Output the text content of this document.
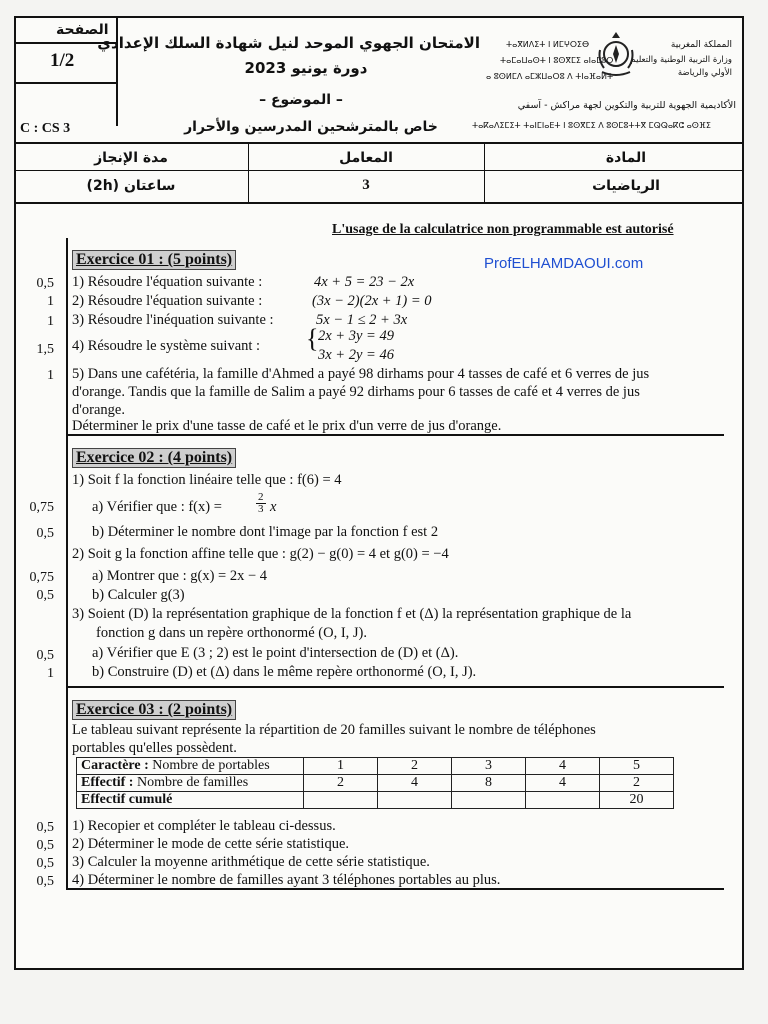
الصفحة
1/2
الامتحان الجهوي الموحد لنيل شهادة السلك الإعدادي
دورة يونيو 2023
– الموضوع –
خاص بالمترشحين المدرسين والأحرار
C : CS 3
المملكة المغربية
وزارة التربية الوطنية والتعليم الأولي والرياضة
الأكاديمية الجهوية للتربية والتكوين لجهة مراكش - آسفي
ⵜⴰⴳⵍⴷⵉⵜ ⵏ ⵍⵎⵖⵔⵉⴱ
ⵜⴰⵎⴰⵡⴰⵙⵜ ⵏ ⵓⵙⴳⵎⵉ ⴰⵏⴰⵎⵓⵔ
ⴰ ⵓⵙⵍⵎⴷ ⴰⵎⵣⵡⴰⵔⵓ ⴷ ⵜⵏⴰⴼⴰⵍⵜ
ⵜⴰⴽⴰⴷⵉⵎⵉⵜ ⵜⴰⵏⵎⵏⴰⴹⵜ ⵏ ⵓⵙⴳⵎⵉ ⴷ ⵓⵙⵎⵓⵜⵜⴳ ⵎⵕⵕⴰⴽⵛ ⴰⵙⴼⵉ
مدة الإنجاز	المعامل	المادة
ساعتان (2h)	3	الرياضيات
L'usage de la calculatrice non programmable est autorisé
Exercice 01 : (5 points)	ProfELHAMDAOUI.com
0,5 1) Résoudre l'équation suivante :	4x + 5 = 23 − 2x
1 2) Résoudre l'équation suivante :	(3x − 2)(2x + 1) = 0
1 3) Résoudre l'inéquation suivante :	5x − 1 ≤ 2 + 3x
1,5 4) Résoudre le système suivant : { 2x + 3y = 49
3x + 2y = 46
1 5) Dans une cafétéria, la famille d'Ahmed a payé 98 dirhams pour 4 tasses de café et 6 verres de jus
d'orange. Tandis que la famille de Salim a payé 92 dirhams pour 6 tasses de café et 4 verres de jus
d'orange.
Déterminer le prix d'une tasse de café et le prix d'un verre de jus d'orange.
Exercice 02 : (4 points)
1) Soit f la fonction linéaire telle que : f(6) = 4
0,75	a) Vérifier que : f(x) =	$\frac{2}{3}$ x
0,5	b) Déterminer le nombre dont l'image par la fonction f est 2
2) Soit g la fonction affine telle que : g(2) − g(0) = 4 et g(0) = −4
0,75	a) Montrer que : g(x) = 2x − 4
0,5	b) Calculer g(3)
3) Soient (D) la représentation graphique de la fonction f et (Δ) la représentation graphique de la
fonction g dans un repère orthonormé (O, I, J).
0,5	a) Vérifier que E (3 ; 2) est le point d'intersection de (D) et (Δ).
1	b) Construire (D) et (Δ) dans le même repère orthonormé (O, I, J).
Exercice 03 : (2 points)
Le tableau suivant représente la répartition de 20 familles suivant le nombre de téléphones
portables qu'elles possèdent.
Caractère : Nombre de portables	1	2	3	4	5
Effectif : Nombre de familles	2	4	8	4	2
Effectif cumulé					20
0,5 1) Recopier et compléter le tableau ci-dessus.
0,5 2) Déterminer le mode de cette série statistique.
0,5 3) Calculer la moyenne arithmétique de cette série statistique.
0,5 4) Déterminer le nombre de familles ayant 3 téléphones portables au plus.
